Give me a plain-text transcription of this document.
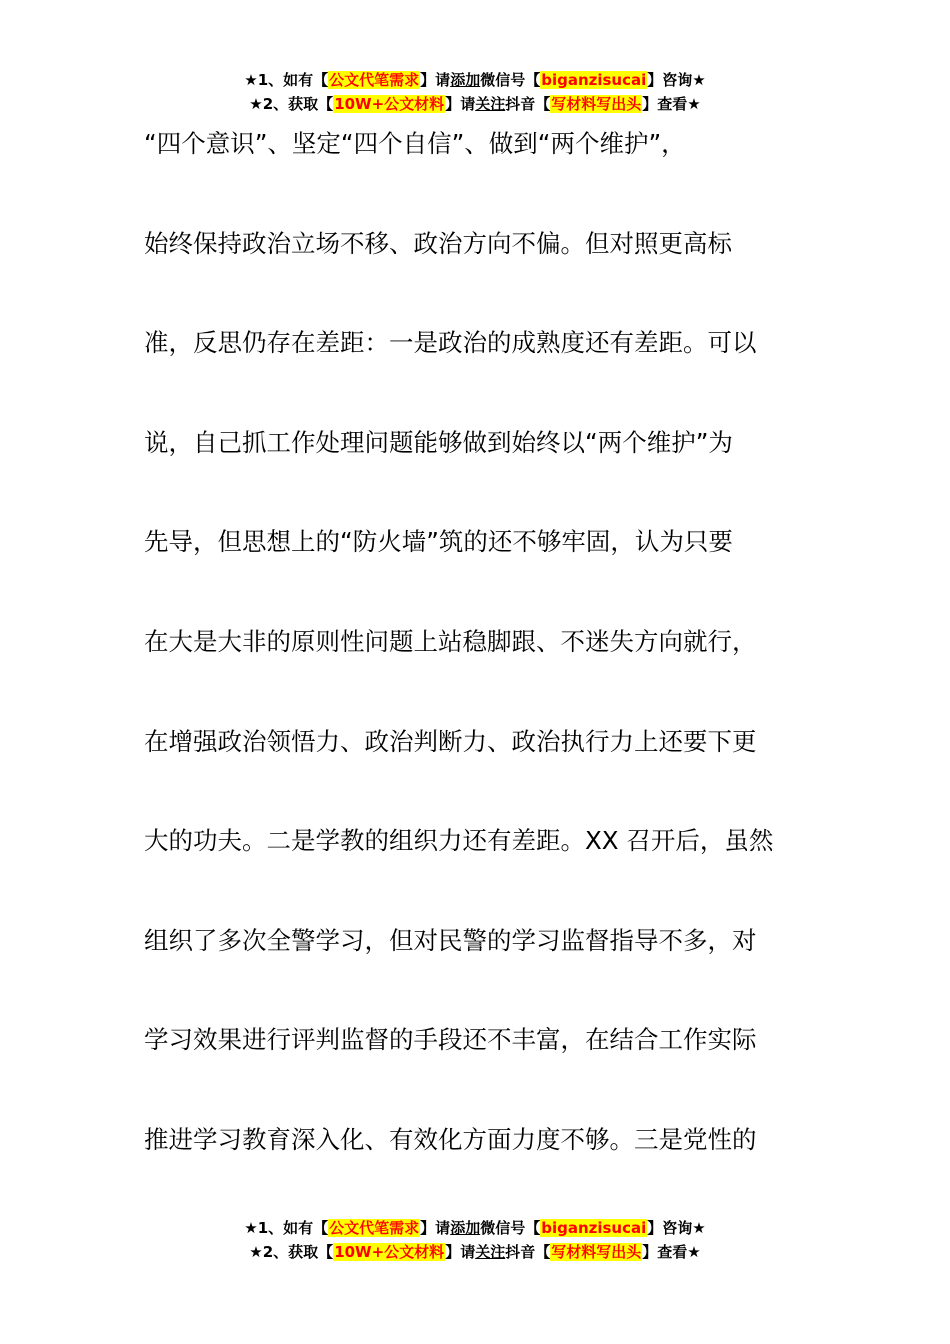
★1、如有【公文代笔需求】请添加微信号【biganzisucai】咨询★
★2、获取【10W+公文材料】请关注抖音【写材料写出头】查看★
“四个意识”、坚定“四个自信”、做到“两个维护”，
始终保持政治立场不移、政治方向不偏。但对照更高标
准，反思仍存在差距：一是政治的成熟度还有差距。可以
说，自己抓工作处理问题能够做到始终以“两个维护”为
先导，但思想上的“防火墙”筑的还不够牢固，认为只要
在大是大非的原则性问题上站稳脚跟、不迷失方向就行，
在增强政治领悟力、政治判断力、政治执行力上还要下更
大的功夫。二是学教的组织力还有差距。XX 召开后，虽然
组织了多次全警学习，但对民警的学习监督指导不多，对
学习效果进行评判监督的手段还不丰富，在结合工作实际
推进学习教育深入化、有效化方面力度不够。三是党性的
★1、如有【公文代笔需求】请添加微信号【biganzisucai】咨询★
★2、获取【10W+公文材料】请关注抖音【写材料写出头】查看★
